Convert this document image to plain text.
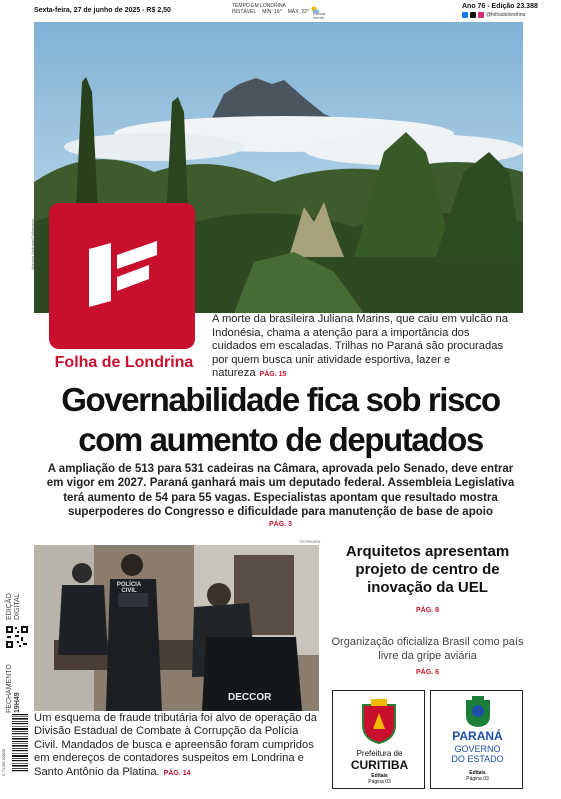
Sexta-feira, 27 de junho de 2025 - R$ 2,50
TEMPO EM LONDRINA
INSTÁVEL MÍN: 16° MÁX: 22°	Parcial- mente
Ano 76 - Edição 23.388
@folhadelondrina
Marcelo Andrade/Folhapress
Folha de Londrina
A morte da brasileira Juliana Marins, que caiu em vulcão na Indonésia, chama a atenção para a importância dos cuidados em escaladas. Trilhas no Paraná são procuradas por quem busca unir atividade esportiva, lazer e natureza PÁG. 15
Governabilidade fica sob risco
com aumento de deputados
A ampliação de 513 para 531 cadeiras na Câmara, aprovada pelo Senado, deve entrar em vigor em 2027. Paraná ganhará mais um deputado federal. Assembleia Legislativa terá aumento de 54 para 55 vagas. Especialistas apontam que resultado mostra superpoderes do Congresso e dificuldade para manutenção de base de apoio
PÁG. 3
PCPR/AEN
POLÍCIA CIVIL
DECCOR
Um esquema de fraude tributária foi alvo de operação da Divisão Estadual de Combate à Corrupção da Polícia Civil. Mandados de busca e apreensão foram cumpridos em endereços de contadores suspeitos em Londrina e Santo Antônio da Platina. PÁG. 14
Arquitetos apresentam projeto de centro de inovação da UEL
PÁG. 8
Organização oficializa Brasil como país livre da gripe aviária
PÁG. 6
Prefeitura de
CURITIBA
Editais
Página 03
PARANÁ
GOVERNO
DO ESTADO
Editais
Página 03
EDIÇÃO DIGITAL
FECHAMENTO 19H49
9 771980 169008
